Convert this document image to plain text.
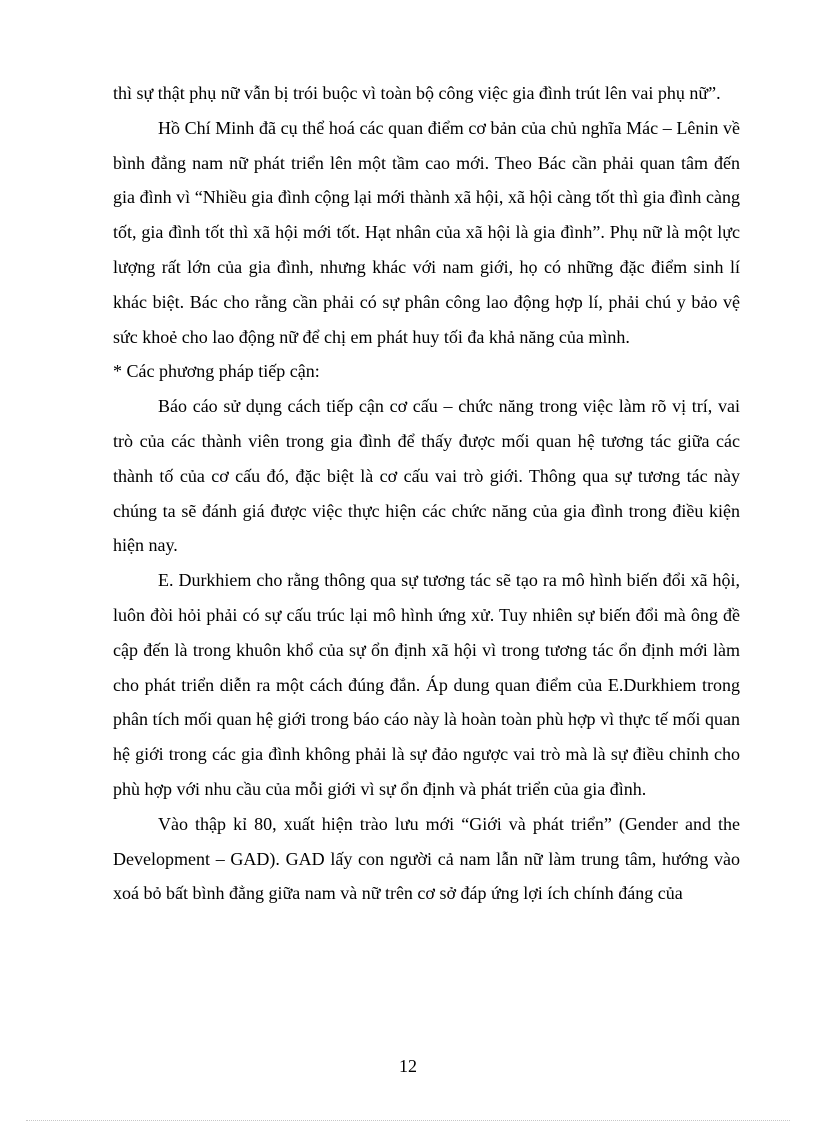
thì sự thật phụ nữ vẫn bị trói buộc vì toàn bộ công việc gia đình trút lên vai phụ nữ”.

Hồ Chí Minh đã cụ thể hoá các quan điểm cơ bản của chủ nghĩa Mác – Lênin về bình đẳng nam nữ phát triển lên một tầm cao mới. Theo Bác cần phải quan tâm đến gia đình vì “Nhiều gia đình cộng lại mới thành xã hội, xã hội càng tốt thì gia đình càng tốt, gia đình tốt thì xã hội mới tốt. Hạt nhân của xã hội là gia đình”. Phụ nữ là một lực lượng rất lớn của gia đình, nhưng khác với nam giới, họ có những đặc điểm sinh lí khác biệt. Bác cho rằng cần phải có sự phân công lao động hợp lí, phải chú y bảo vệ sức khoẻ cho lao động nữ để chị em phát huy tối đa khả năng của mình.

* Các phương pháp tiếp cận:

Báo cáo sử dụng cách tiếp cận cơ cấu – chức năng trong việc làm rõ vị trí, vai trò của các thành viên trong gia đình để thấy được mối quan hệ tương tác giữa các thành tố của cơ cấu đó, đặc biệt là cơ cấu vai trò giới. Thông qua sự tương tác này chúng ta sẽ đánh giá được việc thực hiện các chức năng của gia đình trong điều kiện hiện nay.

E. Durkhiem cho rằng thông qua sự tương tác sẽ tạo ra mô hình biến đổi xã hội, luôn đòi hỏi phải có sự cấu trúc lại mô hình ứng xử. Tuy nhiên sự biến đổi mà ông đề cập đến là trong khuôn khổ của sự ổn định xã hội vì trong tương tác ổn định mới làm cho phát triển diễn ra một cách đúng đắn. Áp dung quan điểm của E.Durkhiem trong phân tích mối quan hệ giới trong báo cáo này là hoàn toàn phù hợp vì thực tế mối quan hệ giới trong các gia đình không phải là sự đảo ngược vai trò mà là sự điều chỉnh cho phù hợp với nhu cầu của mỗi giới vì sự ổn định và phát triển của gia đình.

Vào thập kỉ 80, xuất hiện trào lưu mới “Giới và phát triển” (Gender and the Development – GAD). GAD lấy con người cả nam lẫn nữ làm trung tâm, hướng vào xoá bỏ bất bình đẳng giữa nam và nữ trên cơ sở đáp ứng lợi ích chính đáng của

12
